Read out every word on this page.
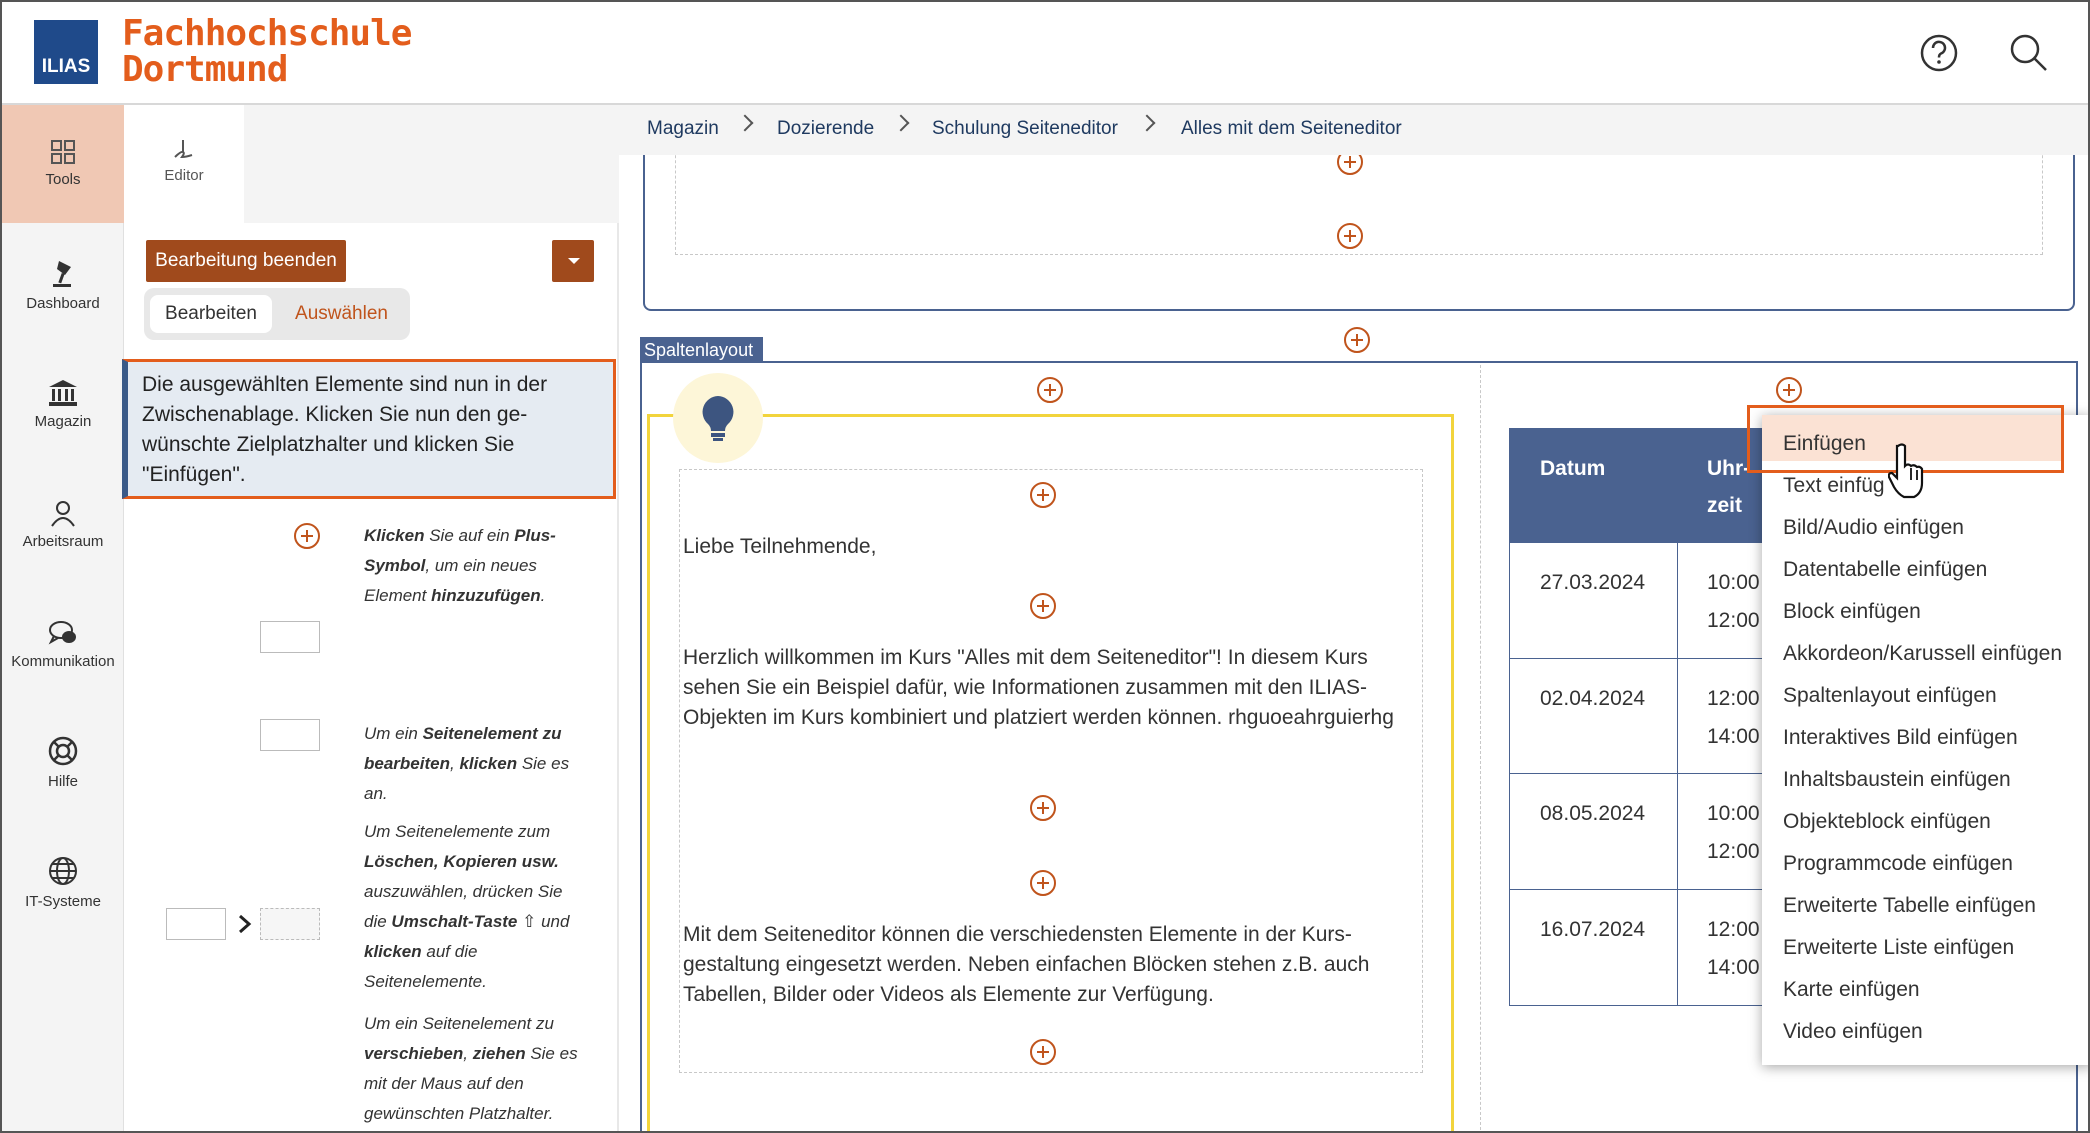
ILIAS
Fachhochschule
Dortmund
Tools
Dashboard
Magazin
Arbeitsraum
Kommunikation
Hilfe
IT-Systeme
Editor
Bearbeitung beenden
Bearbeiten	Auswählen
Die ausgewählten Elemente sind nun in der Zwischenablage. Klicken Sie nun den ge-wünschte Zielplatzhalter und klicken Sie "Einfügen".
Klicken Sie auf ein Plus-Symbol, um ein neues Element hinzuzufügen.
Um ein Seitenelement zu bearbeiten, klicken Sie es an.
Um Seitenelemente zum Löschen, Kopieren usw. auszuwählen, drücken Sie die Umschalt-Taste ⇧ und klicken auf die Seitenelemente.
Um ein Seitenelement zu verschieben, ziehen Sie es mit der Maus auf den gewünschten Platzhalter.
Magazin	Dozierende	Schulung Seiteneditor	Alles mit dem Seiteneditor
Spaltenlayout
Liebe Teilnehmende,
Herzlich willkommen im Kurs "Alles mit dem Seiteneditor"! In diesem Kurs sehen Sie ein Beispiel dafür, wie Informationen zusammen mit den ILIAS-Objekten im Kurs kombiniert und platziert werden können. rhguoeahrguierhg
Mit dem Seiteneditor können die verschiedensten Elemente in der Kurs-gestaltung eingesetzt werden. Neben einfachen Blöcken stehen z.B. auch Tabellen, Bilder oder Videos als Elemente zur Verfügung.
Datum	Uhr-
zeit
27.03.2024	10:00
12:00
02.04.2024	12:00
14:00
08.05.2024	10:00
12:00
16.07.2024	12:00
14:00
Einfügen
Text einfüg
Bild/Audio einfügen
Datentabelle einfügen
Block einfügen
Akkordeon/Karussell einfügen
Spaltenlayout einfügen
Interaktives Bild einfügen
Inhaltsbaustein einfügen
Objekteblock einfügen
Programmcode einfügen
Erweiterte Tabelle einfügen
Erweiterte Liste einfügen
Karte einfügen
Video einfügen
